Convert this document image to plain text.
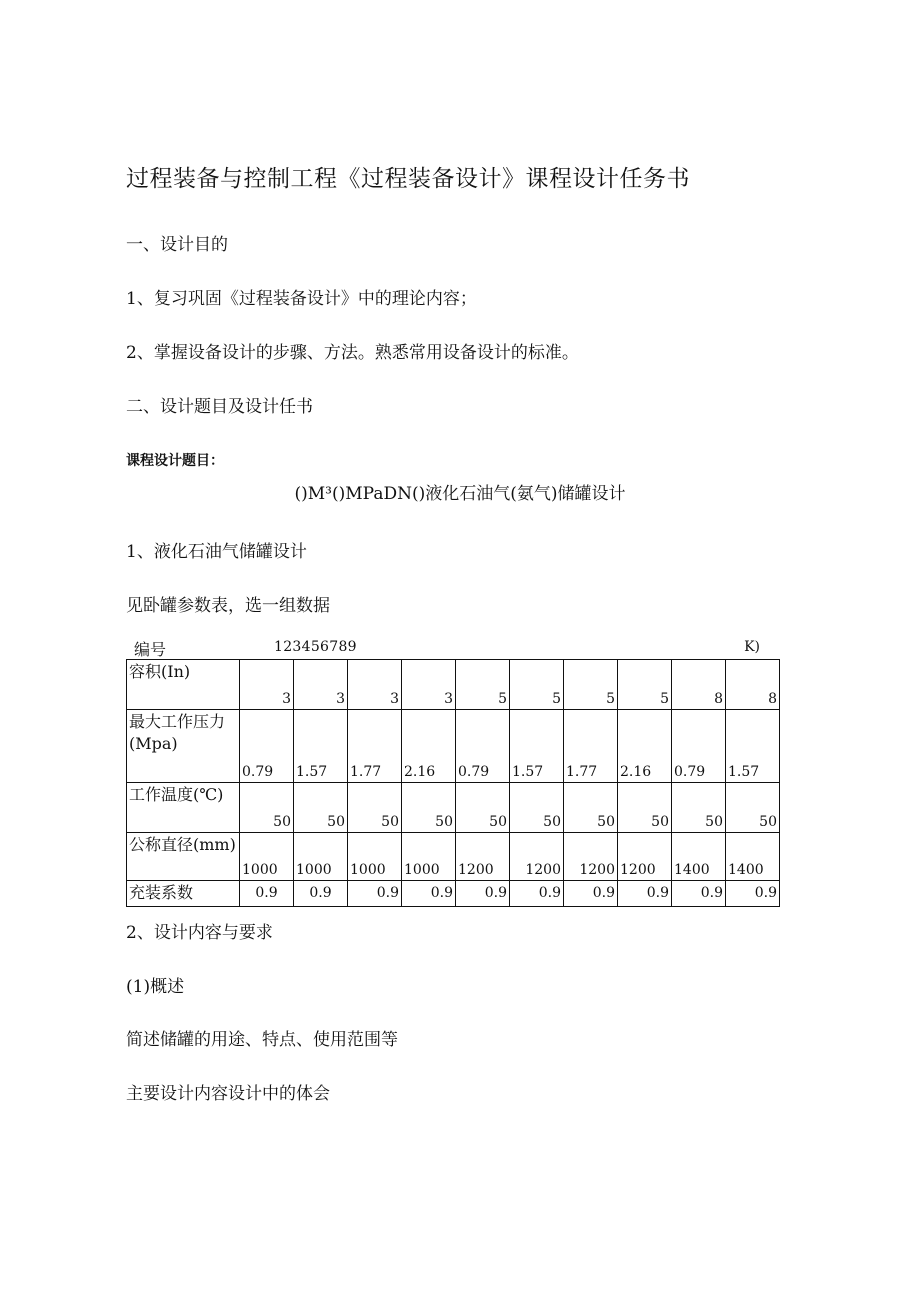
过程装备与控制工程《过程装备设计》课程设计任务书
一、设计目的
1、复习巩固《过程装备设计》中的理论内容；
2、掌握设备设计的步骤、方法。熟悉常用设备设计的标准。
二、设计题目及设计任书
课程设计题目：
()M³()MPaDN()液化石油气(氨气)储罐设计
1、液化石油气储罐设计
见卧罐参数表，选一组数据
编号	123456789	K)
容积(In)	3	3	3	3	5	5	5	5	8	8
最大工作压力(Mpa)	0.79	1.57	1.77	2.16	0.79	1.57	1.77	2.16	0.79	1.57
工作温度(℃)	50	50	50	50	50	50	50	50	50	50
公称直径(mm)	1000	1000	1000	1000	1200	1200	1200	1200	1400	1400
充装系数	0.9	0.9	0.9	0.9	0.9	0.9	0.9	0.9	0.9	0.9
2、设计内容与要求
(1)概述
简述储罐的用途、特点、使用范围等
主要设计内容设计中的体会
